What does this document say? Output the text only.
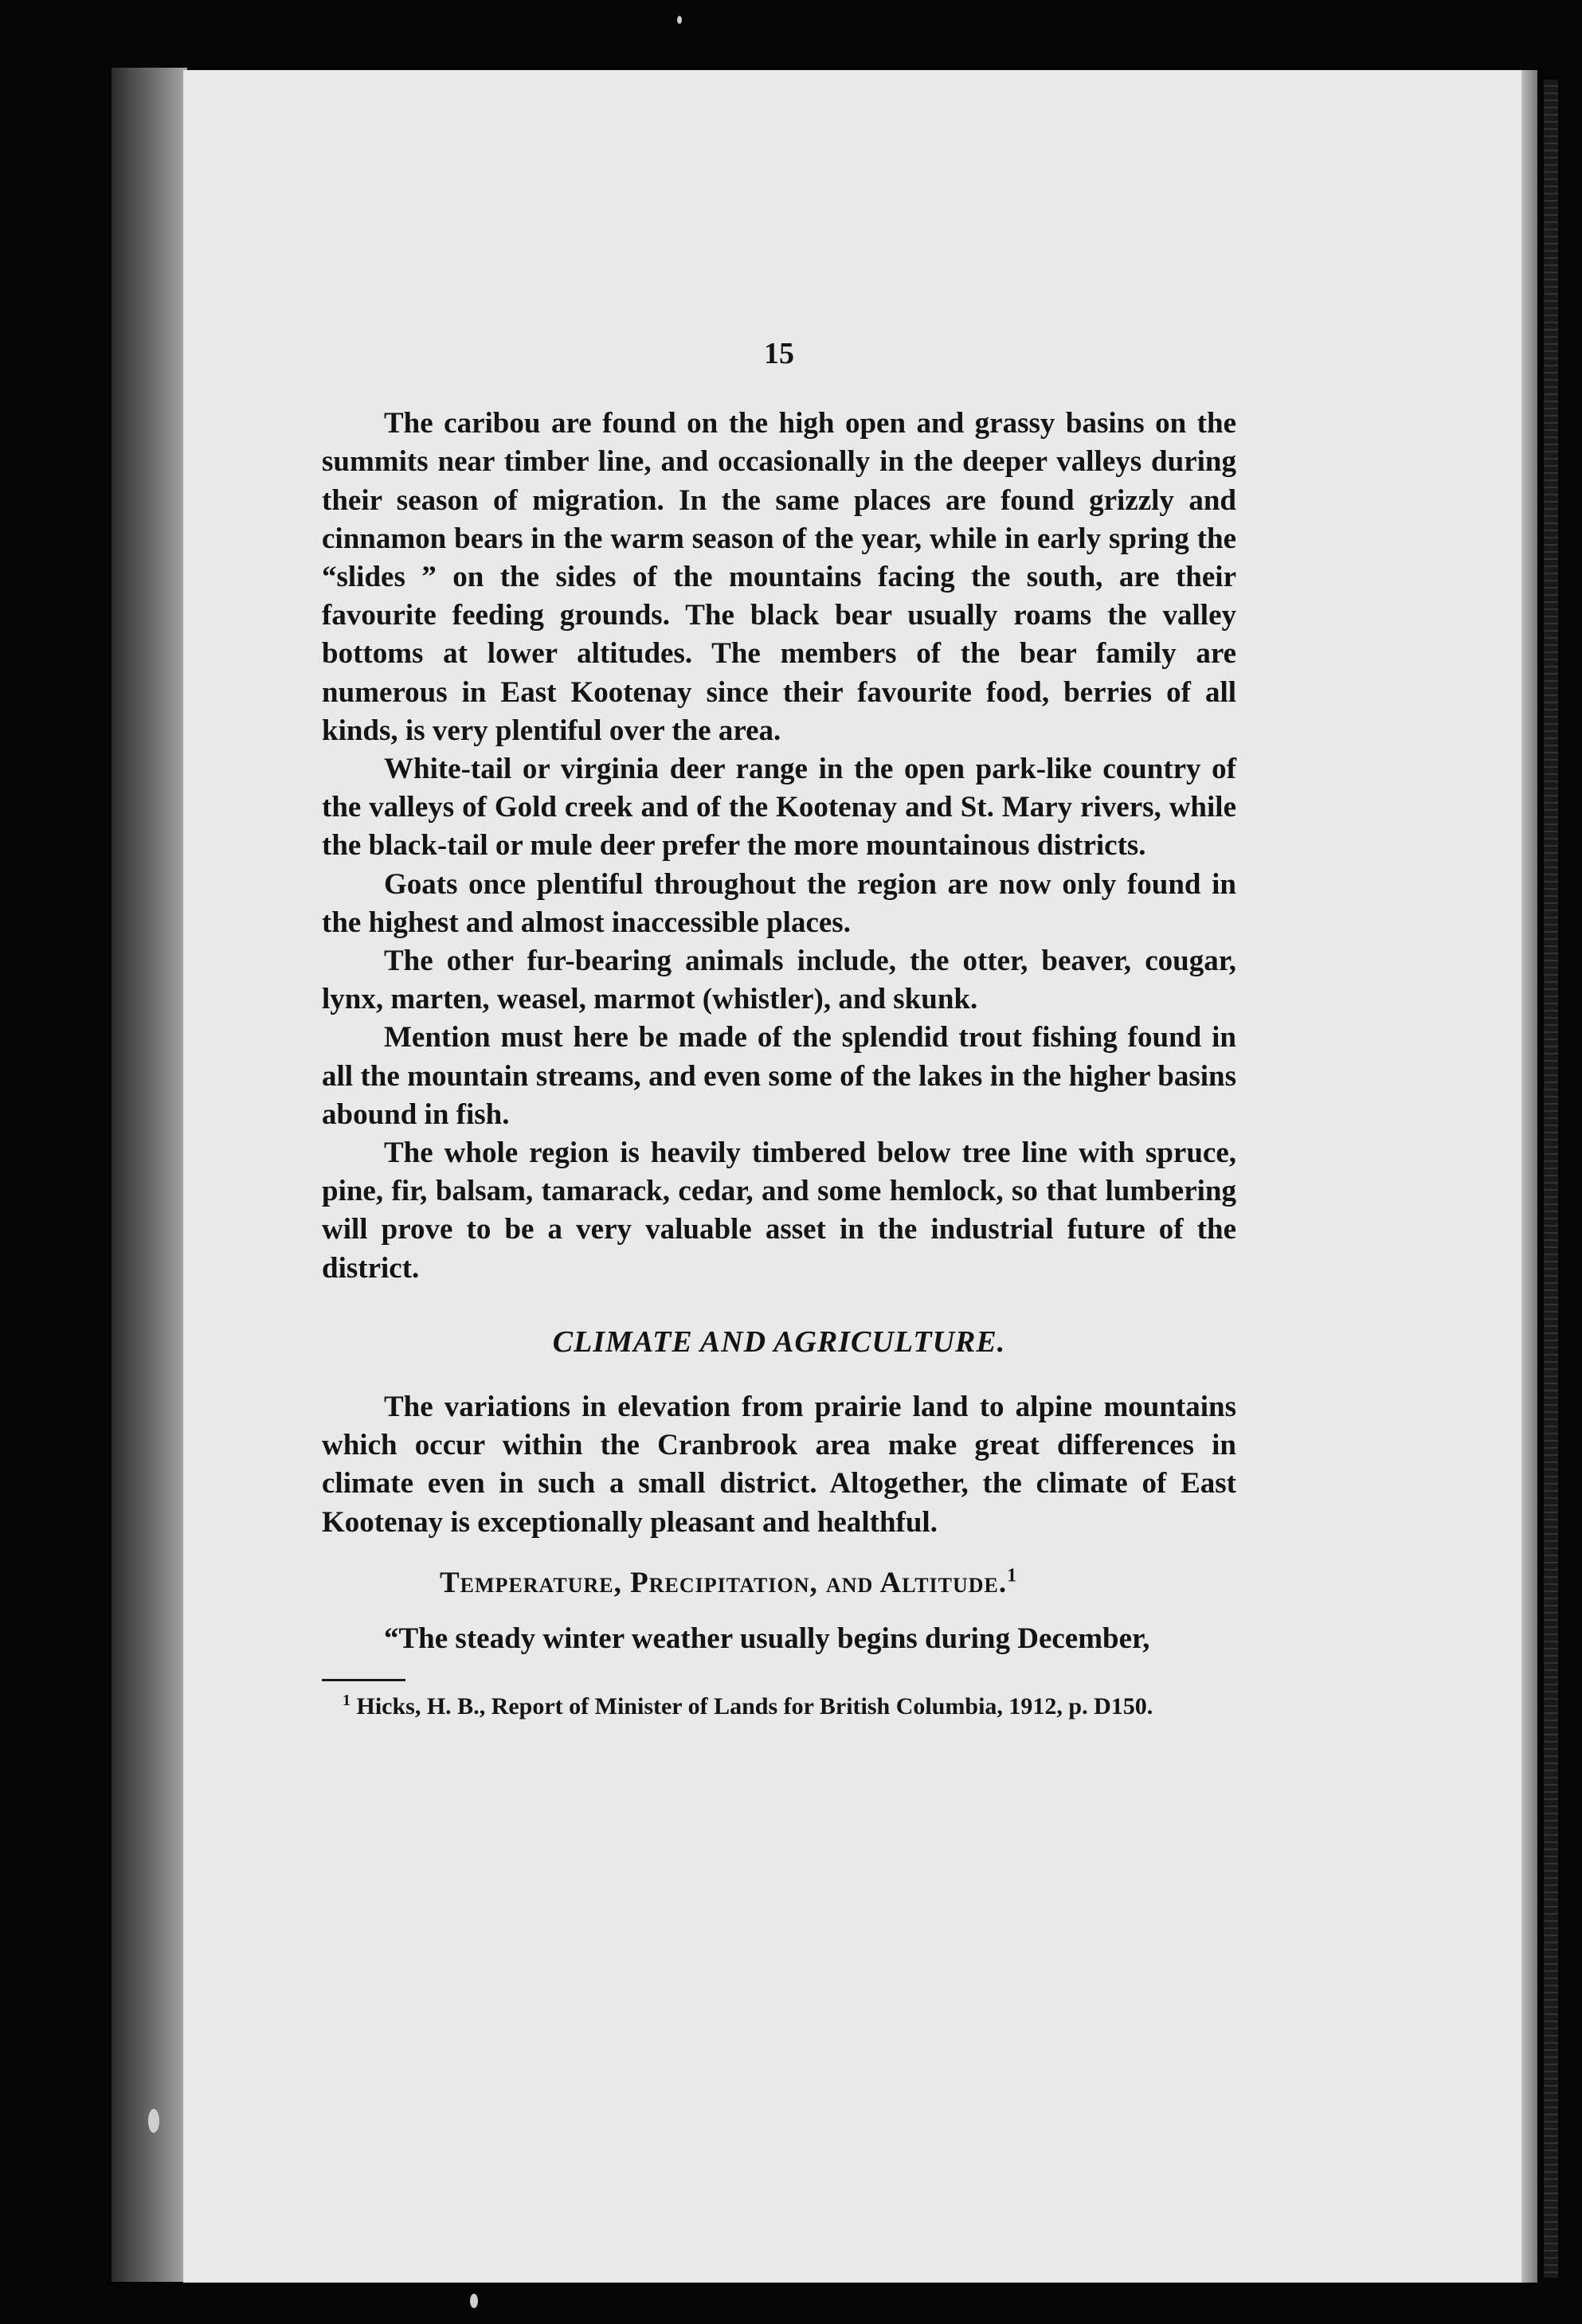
15

The caribou are found on the high open and grassy basins on the summits near timber line, and occasionally in the deeper valleys during their season of migration. In the same places are found grizzly and cinnamon bears in the warm season of the year, while in early spring the “slides ” on the sides of the mountains facing the south, are their favourite feeding grounds. The black bear usually roams the valley bottoms at lower altitudes. The members of the bear family are numerous in East Kootenay since their favourite food, berries of all kinds, is very plentiful over the area.

White-tail or virginia deer range in the open park-like country of the valleys of Gold creek and of the Kootenay and St. Mary rivers, while the black-tail or mule deer prefer the more mountainous districts.

Goats once plentiful throughout the region are now only found in the highest and almost inaccessible places.

The other fur-bearing animals include, the otter, beaver, cougar, lynx, marten, weasel, marmot (whistler), and skunk.

Mention must here be made of the splendid trout fishing found in all the mountain streams, and even some of the lakes in the higher basins abound in fish.

The whole region is heavily timbered below tree line with spruce, pine, fir, balsam, tamarack, cedar, and some hemlock, so that lumbering will prove to be a very valuable asset in the industrial future of the district.

CLIMATE AND AGRICULTURE.

The variations in elevation from prairie land to alpine mountains which occur within the Cranbrook area make great differences in climate even in such a small district. Altogether, the climate of East Kootenay is exceptionally pleasant and healthful.

Temperature, Precipitation, and Altitude.$^1$

“The steady winter weather usually begins during December,

$^1$ Hicks, H. B., Report of Minister of Lands for British Columbia, 1912, p. D150.
